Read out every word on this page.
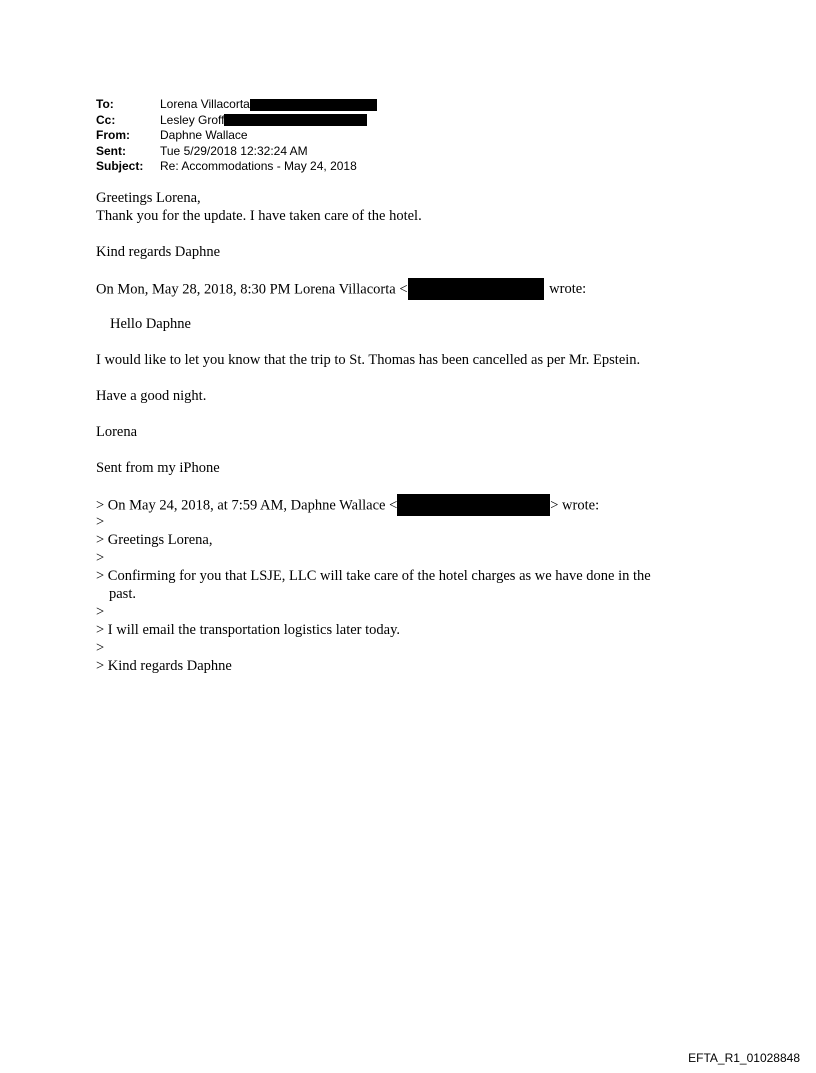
To:	Lorena Villacorta
Cc:	Lesley Groff
From:	Daphne Wallace
Sent:	Tue 5/29/2018 12:32:24 AM
Subject:	Re: Accommodations - May 24, 2018
Greetings Lorena,
Thank you for the update. I have taken care of the hotel.
Kind regards Daphne
On Mon, May 28, 2018, 8:30 PM Lorena Villacorta <	wrote:
Hello Daphne
I would like to let you know that the trip to St. Thomas has been cancelled as per Mr. Epstein.
Have a good night.
Lorena
Sent from my iPhone
> On May 24, 2018, at 7:59 AM, Daphne Wallace <	> wrote:
>
> Greetings Lorena,
>
> Confirming for you that LSJE, LLC will take care of the hotel charges as we have done in the
past.
>
> I will email the transportation logistics later today.
>
> Kind regards Daphne
EFTA_R1_01028848
